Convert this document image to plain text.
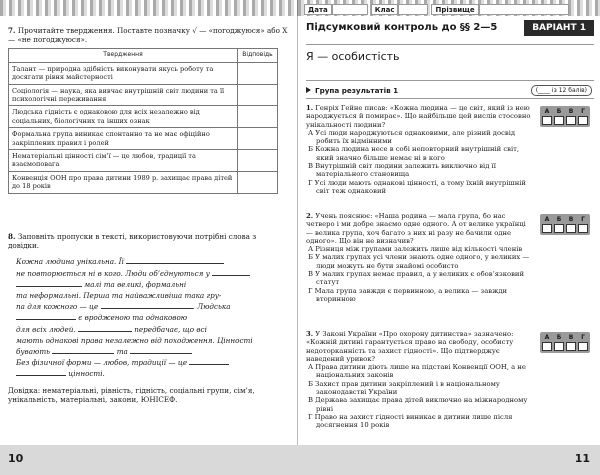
7. Прочитайте твердження. Поставте позначку √ — «погоджуюся» або X — «не погоджуюся».
Твердження	Відповідь
Талант — природна здібність виконувати якусь роботу та досягати рівня майстерності	
Соціологія — наука, яка вивчає внутрішній світ людини та її психологічні переживання	
Людська гідність є однаковою для всіх незалежно від соціальних, біологічних та інших ознак	
Формальна група виникає спонтанно та не має офіційно закріплених правил і ролей	
Нематеріальні цінності сім’ї — це любов, традиції та взаємоповага	
Конвенція ООН про права дитини 1989 р. захищає права дітей до 18 років	
8. Заповніть пропуски в тексті, використовуючи потрібні слова з довідки.
Кожна людина унікальна. Її
не повторюється ні в кого. Люди об’єднуються у
малі та великі, формальні
та неформальні. Перша та найважливіша така гру-
па для кожного — це	. Людська
є вродженою та однаковою
для всіх людей.	передбачає, що всі
мають однакові права незалежно від походження. Цінності
бувають	та
Без фізичної форми — любов, традиції — це
цінності.
Довідка: нематеріальні, рівність, гідність, соціальні групи, сім’я, унікальність, матеріальні, закони, ЮНІСЕФ.
10
Дата	Клас	Прізвище
Підсумковий контроль до §§ 2—5	ВАРІАНТ 1
Я — особистість
Група результатів 1	(____ із 12 балів)
1. Генріх Гейне писав: «Кожна людина — це світ, який із нею народжується й помирає». Що найбільше цей вислів стосовно унікальності людини?
А Усі люди народжуються однаковими, але різний досвід робить їх відмінними
Б Кожна людина несе в собі неповторний внутрішній світ, який значно більше немає ні в кого
В Внутрішній світ людини залежить виключно від її матеріального становища
Г Усі люди мають однакові цінності, а тому їхній внутрішній світ теж однаковий
А	Б	В	Г
2. Учень пояснює: «Наша родина — мала група, бо нас четверо і ми добре знаємо одне одного. А от велике українці — велика група, хоч багато з них ні разу не бачили одне одного». Що він не визначив?
А Різниця між групами залежить лише від кількості членів
Б У малих групах усі члени знають одне одного, у великих — люди можуть не бути знайомі особисто
В У малих групах немає правил, а у великих є обов’язковий статут
Г Мала група завжди є первинною, а велика — завжди вторинною
А	Б	В	Г
3. У Законі України «Про охорону дитинства» зазначено: «Кожній дитині гарантується право на свободу, особисту недоторканність та захист гідності». Що підтверджує наведений уривок?
А Права дитини діють лише на підставі Конвенції ООН, а не національних законів
Б Захист прав дитини закріплений і в національному законодавстві України
В Держава захищає права дітей виключно на міжнародному рівні
Г Право на захист гідності виникає в дитини лише після досягнення 10 років
А	Б	В	Г
11
